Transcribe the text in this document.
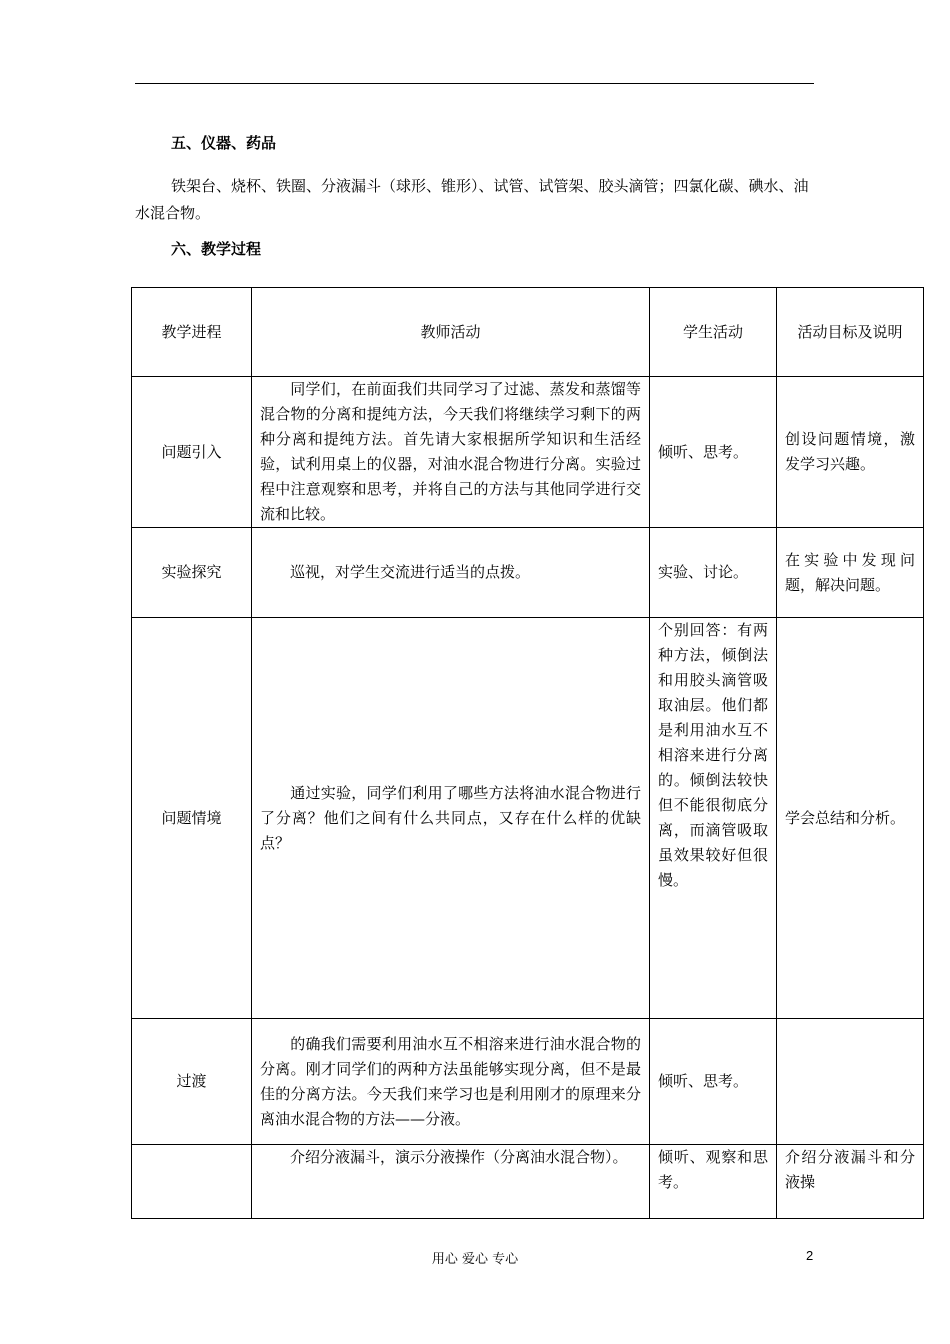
五、仪器、药品
铁架台、烧杯、铁圈、分液漏斗（球形、锥形）、试管、试管架、胶头滴管；四氯化碳、碘水、油水混合物。
六、教学过程
教学进程	教师活动	学生活动	活动目标及说明
问题引入	同学们，在前面我们共同学习了过滤、蒸发和蒸馏等混合物的分离和提纯方法，今天我们将继续学习剩下的两种分离和提纯方法。首先请大家根据所学知识和生活经验，试利用桌上的仪器，对油水混合物进行分离。实验过程中注意观察和思考，并将自己的方法与其他同学进行交流和比较。	倾听、思考。	创设问题情境，激发学习兴趣。
实验探究	巡视，对学生交流进行适当的点拨。	实验、讨论。	在实验中发现问题，解决问题。
问题情境	通过实验，同学们利用了哪些方法将油水混合物进行了分离？他们之间有什么共同点，又存在什么样的优缺点？	个别回答：有两种方法，倾倒法和用胶头滴管吸取油层。他们都是利用油水互不相溶来进行分离的。倾倒法较快但不能很彻底分离，而滴管吸取虽效果较好但很慢。	学会总结和分析。
过渡	的确我们需要利用油水互不相溶来进行油水混合物的分离。刚才同学们的两种方法虽能够实现分离，但不是最佳的分离方法。今天我们来学习也是利用刚才的原理来分离油水混合物的方法——分液。	倾听、思考。	
	介绍分液漏斗，演示分液操作（分离油水混合物）。	倾听、观察和思考。	介绍分液漏斗和分液操
用心 爱心 专心	2
